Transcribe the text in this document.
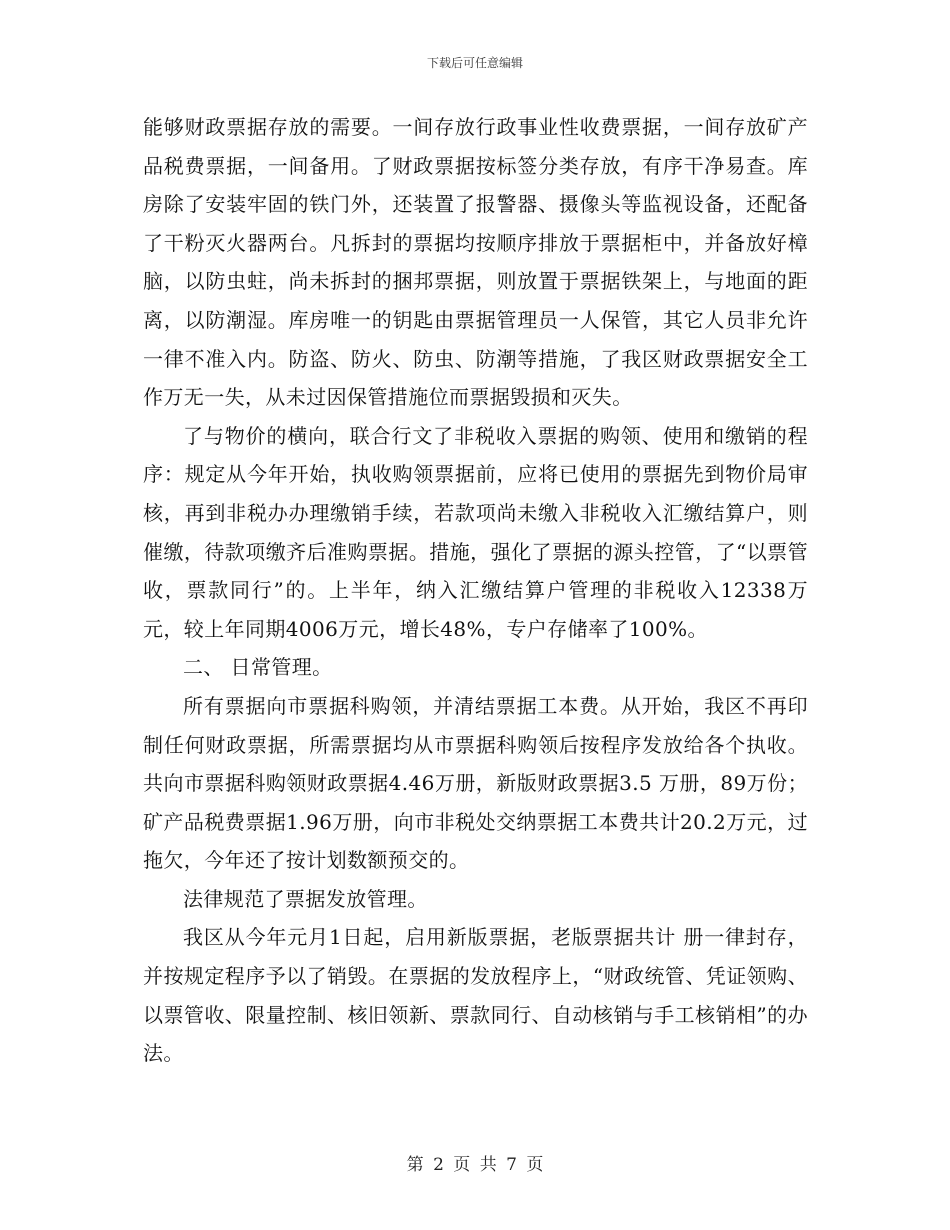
下载后可任意编辑

能够财政票据存放的需要。一间存放行政事业性收费票据，一间存放矿产品税费票据，一间备用。了财政票据按标签分类存放，有序干净易查。库房除了安装牢固的铁门外，还装置了报警器、摄像头等监视设备，还配备了干粉灭火器两台。凡拆封的票据均按顺序排放于票据柜中，并备放好樟脑，以防虫蛀，尚未拆封的捆邦票据，则放置于票据铁架上，与地面的距离，以防潮湿。库房唯一的钥匙由票据管理员一人保管，其它人员非允许一律不准入内。防盗、防火、防虫、防潮等措施，了我区财政票据安全工作万无一失，从未过因保管措施位而票据毁损和灭失。

了与物价的横向，联合行文了非税收入票据的购领、使用和缴销的程序：规定从今年开始，执收购领票据前，应将已使用的票据先到物价局审核，再到非税办办理缴销手续，若款项尚未缴入非税收入汇缴结算户，则催缴，待款项缴齐后准购票据。措施，强化了票据的源头控管，了“以票管收，票款同行”的。上半年，纳入汇缴结算户管理的非税收入12338万元，较上年同期4006万元，增长48%，专户存储率了100%。

二、 日常管理。

所有票据向市票据科购领，并清结票据工本费。从开始，我区不再印制任何财政票据，所需票据均从市票据科购领后按程序发放给各个执收。共向市票据科购领财政票据4.46万册，新版财政票据3.5 万册，89万份；矿产品税费票据1.96万册，向市非税处交纳票据工本费共计20.2万元，过拖欠，今年还了按计划数额预交的。

法律规范了票据发放管理。

我区从今年元月1日起，启用新版票据，老版票据共计 册一律封存，并按规定程序予以了销毁。在票据的发放程序上，“财政统管、凭证领购、以票管收、限量控制、核旧领新、票款同行、自动核销与手工核销相”的办法。

第 2 页 共 7 页
